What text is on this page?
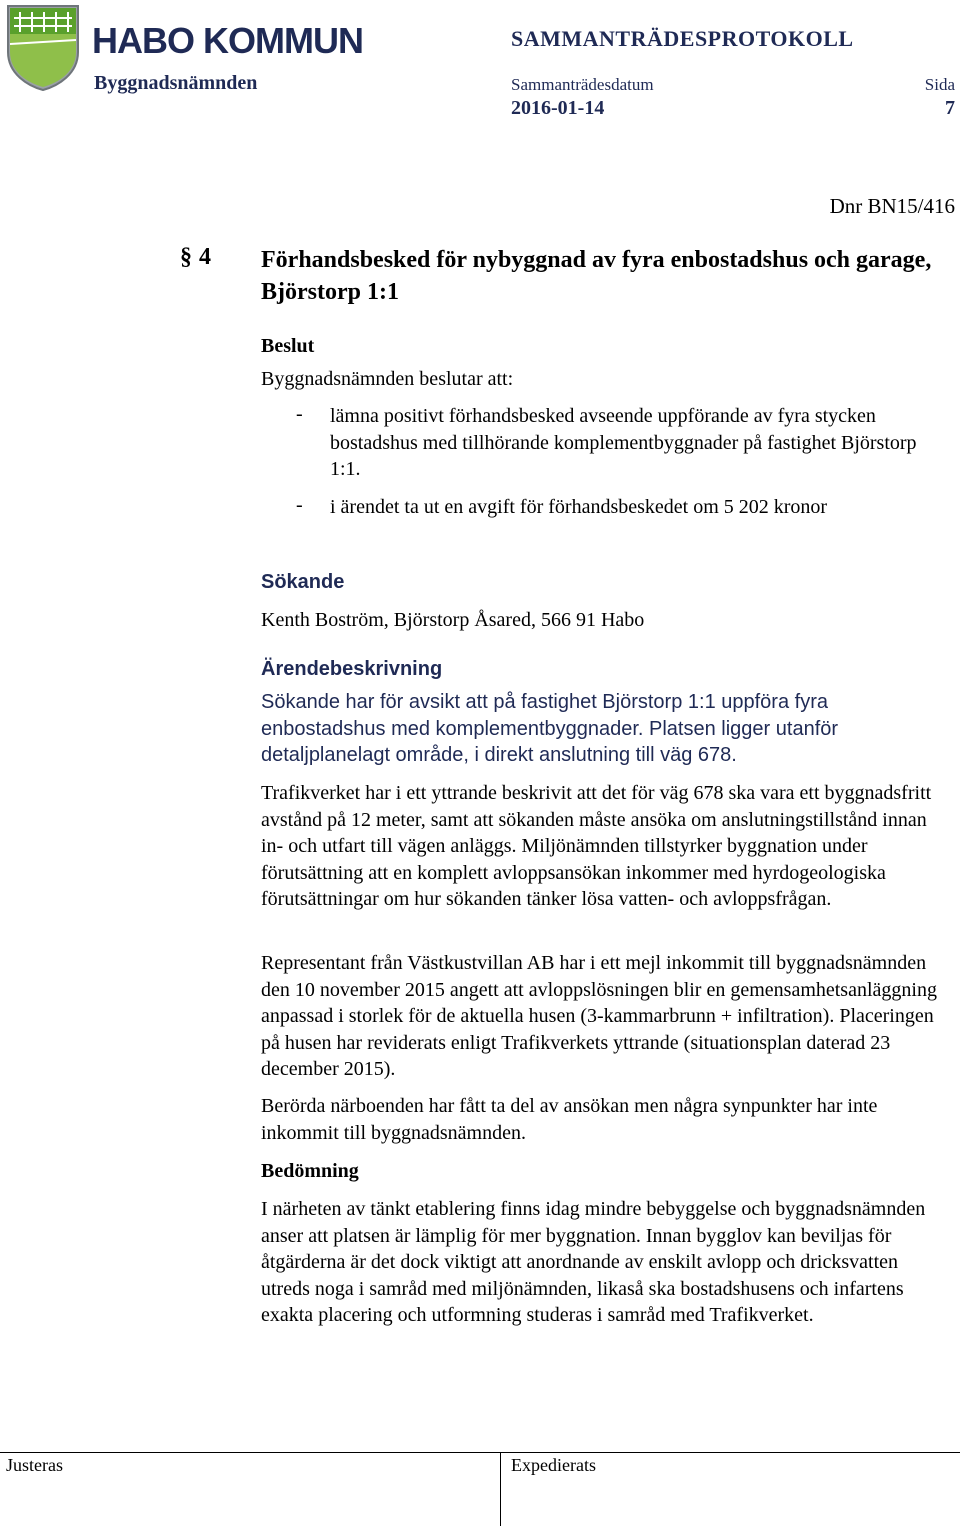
HABO KOMMUN
Byggnadsnämnden
SAMMANTRÄDESPROTOKOLL
Sammanträdesdatum
2016-01-14
Sida
7
Dnr BN15/416
§ 4 Förhandsbesked för nybyggnad av fyra enbostadshus och garage, Björstorp 1:1
Beslut
Byggnadsnämnden beslutar att:
- lämna positivt förhandsbesked avseende uppförande av fyra stycken bostadshus med tillhörande komplementbyggnader på fastighet Björstorp 1:1.
- i ärendet ta ut en avgift för förhandsbeskedet om 5 202 kronor
Sökande
Kenth Boström, Björstorp Åsared, 566 91 Habo
Ärendebeskrivning
Sökande har för avsikt att på fastighet Björstorp 1:1 uppföra fyra enbostadshus med komplementbyggnader. Platsen ligger utanför detaljplanelagt område, i direkt anslutning till väg 678.
Trafikverket har i ett yttrande beskrivit att det för väg 678 ska vara ett byggnadsfritt avstånd på 12 meter, samt att sökanden måste ansöka om anslutningstillstånd innan in- och utfart till vägen anläggs. Miljönämnden tillstyrker byggnation under förutsättning att en komplett avloppsansökan inkommer med hyrdogeologiska förutsättningar om hur sökanden tänker lösa vatten- och avloppsfrågan.
Representant från Västkustvillan AB har i ett mejl inkommit till byggnadsnämnden den 10 november 2015 angett att avloppslösningen blir en gemensamhetsanläggning anpassad i storlek för de aktuella husen (3-kammarbrunn + infiltration). Placeringen på husen har reviderats enligt Trafikverkets yttrande (situationsplan daterad 23 december 2015).
Berörda närboenden har fått ta del av ansökan men några synpunkter har inte inkommit till byggnadsnämnden.
Bedömning
I närheten av tänkt etablering finns idag mindre bebyggelse och byggnadsnämnden anser att platsen är lämplig för mer byggnation. Innan bygglov kan beviljas för åtgärderna är det dock viktigt att anordnande av enskilt avlopp och dricksvatten utreds noga i samråd med miljönämnden, likaså ska bostadshusens och infartens exakta placering och utformning studeras i samråd med Trafikverket.
Justeras	Expedierats
